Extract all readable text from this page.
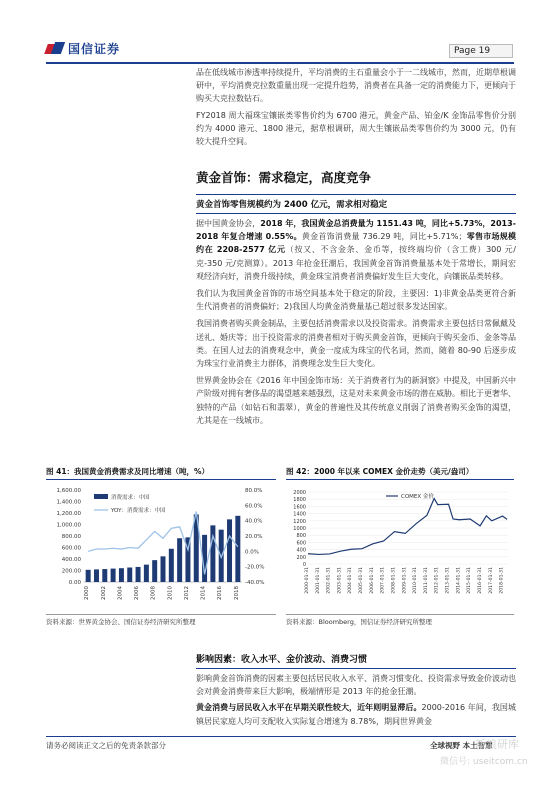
国信证券	Page 19

品在低线城市渗透率持续提升，平均消费的主石重量会小于一二线城市，然而，近期草根调研中，平均消费克拉数重量出现一定提升趋势，消费者在具备一定的消费能力下，更倾向于购买大克拉数钻石。

FY2018 周大福珠宝镶嵌类零售价约为 6700 港元，黄金产品、铂金/K 金饰品零售价分别约为 4000 港元、1800 港元，据草根调研，周大生镶嵌品类零售价约为 3000 元，仍有较大提升空间。

黄金首饰：需求稳定，高度竞争

黄金首饰零售规模约为 2400 亿元，需求相对稳定

据中国黄金协会，2018 年，我国黄金总消费量为 1151.43 吨，同比+5.73%，2013-2018 年复合增速 0.55%。黄金首饰消费量 736.29 吨，同比+5.71%；零售市场规模约在 2208-2577 亿元（按又、不含金条、金币等，按终端均价（含工费）300 元/克-350 元/克测算）。2013 年抢金狂潮后，我国黄金首饰消费量基本处于常增长，期间宏观经济向好，消费升级持续，黄金珠宝消费者消费偏好发生巨大变化，向镶嵌品类转移。

我们认为我国黄金首饰的市场空间基本处于稳定的阶段，主要因：1)非黄金品类更符合新生代消费者的消费偏好；2)我国人均黄金消费量基已超过很多发达国家。

我国消费者购买黄金制品，主要包括消费需求以及投资需求。消费需求主要包括日常佩戴及送礼、婚庆等；出于投资需求的消费者相对于购买黄金首饰，更倾向于购买金币、金条等品类。在国人过去的消费观念中，黄金一度成为珠宝的代名词，然而，随着 80-90 后逐步成为珠宝行业消费主力群体，消费理念发生巨大变化。

世界黄金协会在《2016 年中国金饰市场：关于消费者行为的新洞察》中提及，中国新兴中产阶级对拥有奢侈品的渴望越来越强烈，这是对未来黄金市场的潜在威胁。相比于更奢华、独特的产品（如钻石和翡翠），黄金的普遍性及其传统意义削弱了消费者购买金饰的渴望，尤其是在一线城市。

图 41：我国黄金消费需求及同比增速（吨，%）
0.00
200.00
400.00
600.00
800.00
1,000.00
1,200.00
1,400.00
1,600.00
-40.0%
-20.0%
0.0%
20.0%
40.0%
60.0%
80.0%
2000 2002 2004 2006 2008 2010 2012 2014 2016 2018
消费需求：中国
YOY：消费需求：中国
资料来源：世界黄金协会、国信证券经济研究所整理
图 42：2000 年以来 COMEX 金价走势（美元/盎司）
0
200
400
600
800
1000
1200
1400
1600
1800
2000
2000-01-31 2001-01-31 2002-01-31 2003-01-31 2004-01-31 2005-01-31 2006-01-31 2007-01-31 2008-01-31 2009-01-31 2010-01-31 2011-01-31 2012-01-31 2013-01-31 2014-01-31 2015-01-31 2016-01-31 2017-01-31 2018-01-31
COMEX 金价
资料来源：Bloomberg，国信证券经济研究所整理

影响因素：收入水平、金价波动、消费习惯

影响黄金首饰消费的因素主要包括居民收入水平、消费习惯变化、投资需求导致金价波动也会对黄金消费带来巨大影响，极端情形是 2013 年的抢金狂潮。

黄金消费与居民收入水平在早期关联性较大，近年则明显滞后。2000-2016 年间，我国城镇居民家庭人均可支配收入实际复合增速为 8.78%，期间世界黄金

请务必阅读正文之后的免责条款部分	全球视野 本土智慧
新浪研库
微信号: useitcom.cn
